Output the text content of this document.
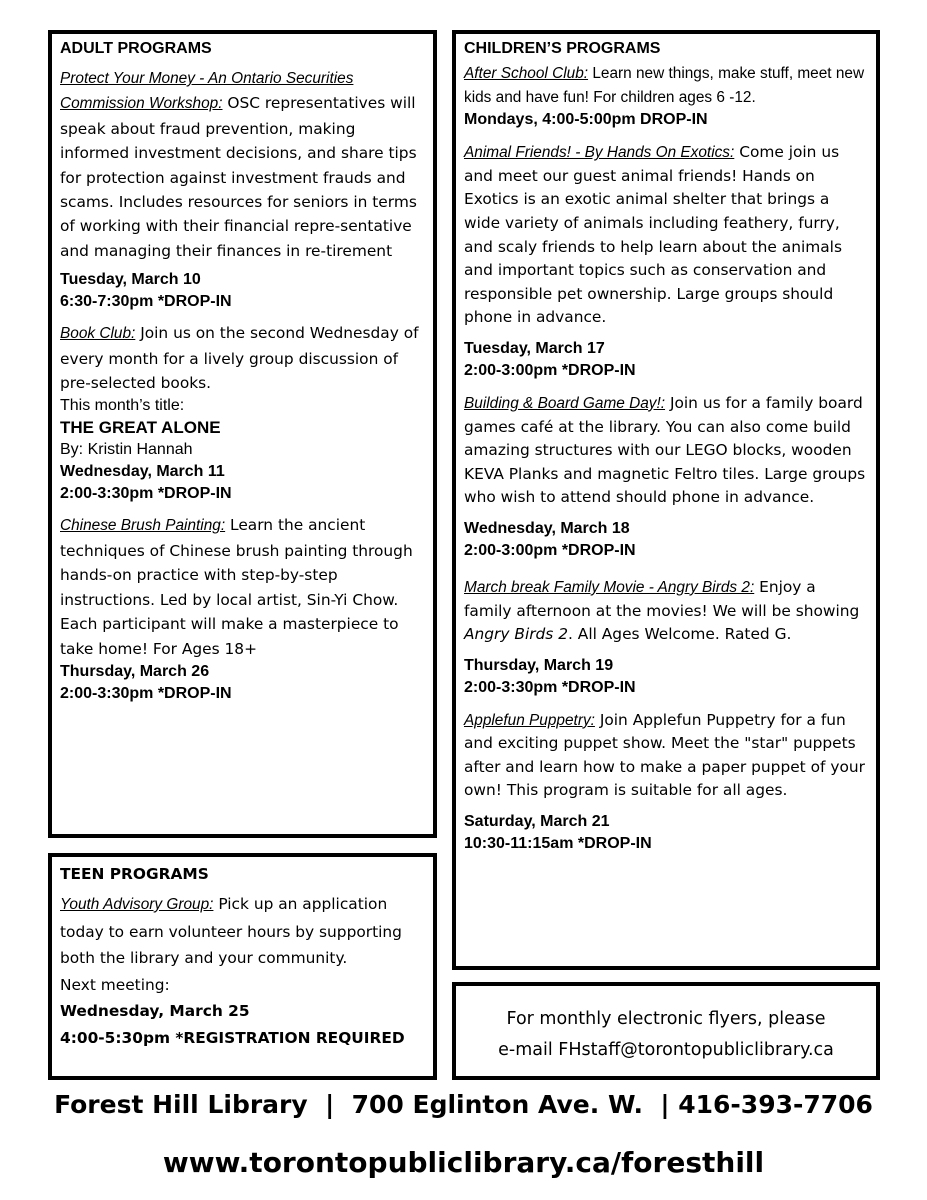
ADULT PROGRAMS
Protect Your Money - An Ontario Securities Commission Workshop: OSC representatives will speak about fraud prevention, making informed investment decisions, and share tips for protection against investment frauds and scams. Includes resources for seniors in terms of working with their financial repre-sentative and managing their finances in re-tirement
Tuesday, March 10
6:30-7:30pm *DROP-IN
Book Club: Join us on the second Wednesday of every month for a lively group discussion of pre-selected books.
This month’s title:
THE GREAT ALONE
By: Kristin Hannah
Wednesday, March 11
2:00-3:30pm *DROP-IN
Chinese Brush Painting: Learn the ancient techniques of Chinese brush painting through hands-on practice with step-by-step instructions. Led by local artist, Sin-Yi Chow. Each participant will make a masterpiece to take home! For Ages 18+
Thursday, March 26
2:00-3:30pm *DROP-IN
TEEN PROGRAMS

Youth Advisory Group: Pick up an application today to earn volunteer hours by supporting both the library and your community.

Next meeting:

Wednesday, March 25

4:00-5:30pm *REGISTRATION REQUIRED

CHILDREN’S PROGRAMS
After School Club: Learn new things, make stuff, meet new kids and have fun! For children ages 6 -12.
Mondays, 4:00-5:00pm DROP-IN
Animal Friends! - By Hands On Exotics: Come join us and meet our guest animal friends! Hands on Exotics is an exotic animal shelter that brings a wide variety of animals including feathery, furry, and scaly friends to help learn about the animals and important topics such as conservation and responsible pet ownership. Large groups should phone in advance.
Tuesday, March 17
2:00-3:00pm *DROP-IN
Building & Board Game Day!: Join us for a family board games café at the library. You can also come build amazing structures with our LEGO blocks, wooden KEVA Planks and magnetic Feltro tiles. Large groups who wish to attend should phone in advance.
Wednesday, March 18
2:00-3:00pm *DROP-IN
March break Family Movie - Angry Birds 2: Enjoy a family afternoon at the movies! We will be showing Angry Birds 2. All Ages Welcome. Rated G.
Thursday, March 19
2:00-3:30pm *DROP-IN
Applefun Puppetry: Join Applefun Puppetry for a fun and exciting puppet show. Meet the "star" puppets after and learn how to make a paper puppet of your own! This program is suitable for all ages.
Saturday, March 21
10:30-11:15am *DROP-IN

For monthly electronic flyers, please

e-mail FHstaff@torontopubliclibrary.ca

Forest Hill Library  |  700 Eglinton Ave. W.  | 416-393-7706
www.torontopubliclibrary.ca/foresthill
